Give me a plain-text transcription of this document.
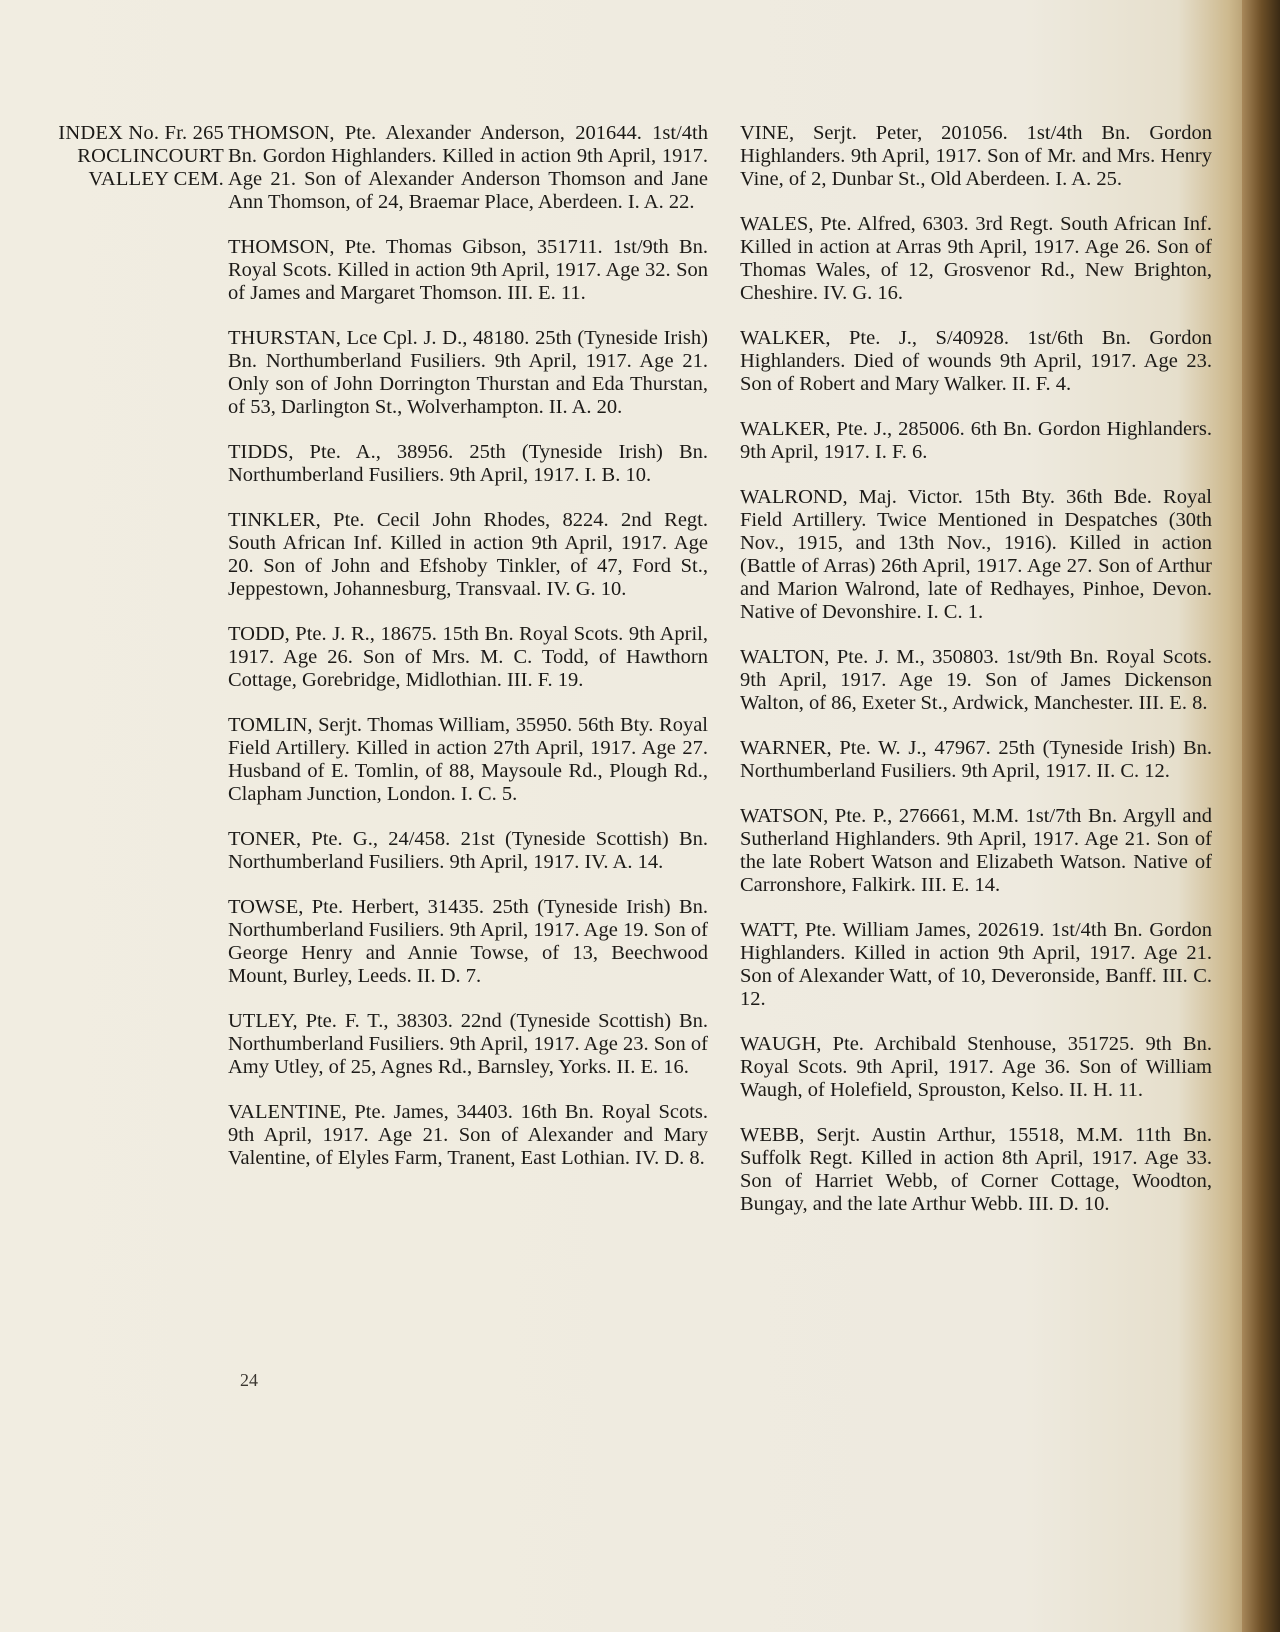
INDEX No. Fr. 265
ROCLINCOURT
VALLEY CEM.

THOMSON, Pte. Alexander Anderson, 201644. 1st/4th Bn. Gordon Highlanders. Killed in action 9th April, 1917. Age 21. Son of Alexander Anderson Thomson and Jane Ann Thomson, of 24, Braemar Place, Aberdeen. I. A. 22.

THOMSON, Pte. Thomas Gibson, 351711. 1st/9th Bn. Royal Scots. Killed in action 9th April, 1917. Age 32. Son of James and Margaret Thomson. III. E. 11.

THURSTAN, Lce Cpl. J. D., 48180. 25th (Tyneside Irish) Bn. Northumberland Fusiliers. 9th April, 1917. Age 21. Only son of John Dorrington Thurstan and Eda Thurstan, of 53, Darlington St., Wolverhampton. II. A. 20.

TIDDS, Pte. A., 38956. 25th (Tyneside Irish) Bn. Northumberland Fusiliers. 9th April, 1917. I. B. 10.

TINKLER, Pte. Cecil John Rhodes, 8224. 2nd Regt. South African Inf. Killed in action 9th April, 1917. Age 20. Son of John and Efshoby Tinkler, of 47, Ford St., Jeppestown, Johannesburg, Transvaal. IV. G. 10.

TODD, Pte. J. R., 18675. 15th Bn. Royal Scots. 9th April, 1917. Age 26. Son of Mrs. M. C. Todd, of Hawthorn Cottage, Gorebridge, Midlothian. III. F. 19.

TOMLIN, Serjt. Thomas William, 35950. 56th Bty. Royal Field Artillery. Killed in action 27th April, 1917. Age 27. Husband of E. Tomlin, of 88, Maysoule Rd., Plough Rd., Clapham Junction, London. I. C. 5.

TONER, Pte. G., 24/458. 21st (Tyneside Scottish) Bn. Northumberland Fusiliers. 9th April, 1917. IV. A. 14.

TOWSE, Pte. Herbert, 31435. 25th (Tyneside Irish) Bn. Northumberland Fusiliers. 9th April, 1917. Age 19. Son of George Henry and Annie Towse, of 13, Beechwood Mount, Burley, Leeds. II. D. 7.

UTLEY, Pte. F. T., 38303. 22nd (Tyneside Scottish) Bn. Northumberland Fusiliers. 9th April, 1917. Age 23. Son of Amy Utley, of 25, Agnes Rd., Barnsley, Yorks. II. E. 16.

VALENTINE, Pte. James, 34403. 16th Bn. Royal Scots. 9th April, 1917. Age 21. Son of Alexander and Mary Valentine, of Elyles Farm, Tranent, East Lothian. IV. D. 8.

VINE, Serjt. Peter, 201056. 1st/4th Bn. Gordon Highlanders. 9th April, 1917. Son of Mr. and Mrs. Henry Vine, of 2, Dunbar St., Old Aberdeen. I. A. 25.

WALES, Pte. Alfred, 6303. 3rd Regt. South African Inf. Killed in action at Arras 9th April, 1917. Age 26. Son of Thomas Wales, of 12, Grosvenor Rd., New Brighton, Cheshire. IV. G. 16.

WALKER, Pte. J., S/40928. 1st/6th Bn. Gordon Highlanders. Died of wounds 9th April, 1917. Age 23. Son of Robert and Mary Walker. II. F. 4.

WALKER, Pte. J., 285006. 6th Bn. Gordon Highlanders. 9th April, 1917. I. F. 6.

WALROND, Maj. Victor. 15th Bty. 36th Bde. Royal Field Artillery. Twice Mentioned in Despatches (30th Nov., 1915, and 13th Nov., 1916). Killed in action (Battle of Arras) 26th April, 1917. Age 27. Son of Arthur and Marion Walrond, late of Redhayes, Pinhoe, Devon. Native of Devonshire. I. C. 1.

WALTON, Pte. J. M., 350803. 1st/9th Bn. Royal Scots. 9th April, 1917. Age 19. Son of James Dickenson Walton, of 86, Exeter St., Ardwick, Manchester. III. E. 8.

WARNER, Pte. W. J., 47967. 25th (Tyneside Irish) Bn. Northumberland Fusiliers. 9th April, 1917. II. C. 12.

WATSON, Pte. P., 276661, M.M. 1st/7th Bn. Argyll and Sutherland Highlanders. 9th April, 1917. Age 21. Son of the late Robert Watson and Elizabeth Watson. Native of Carronshore, Falkirk. III. E. 14.

WATT, Pte. William James, 202619. 1st/4th Bn. Gordon Highlanders. Killed in action 9th April, 1917. Age 21. Son of Alexander Watt, of 10, Deveronside, Banff. III. C. 12.

WAUGH, Pte. Archibald Stenhouse, 351725. 9th Bn. Royal Scots. 9th April, 1917. Age 36. Son of William Waugh, of Holefield, Sprouston, Kelso. II. H. 11.

WEBB, Serjt. Austin Arthur, 15518, M.M. 11th Bn. Suffolk Regt. Killed in action 8th April, 1917. Age 33. Son of Harriet Webb, of Corner Cottage, Woodton, Bungay, and the late Arthur Webb. III. D. 10.

24
